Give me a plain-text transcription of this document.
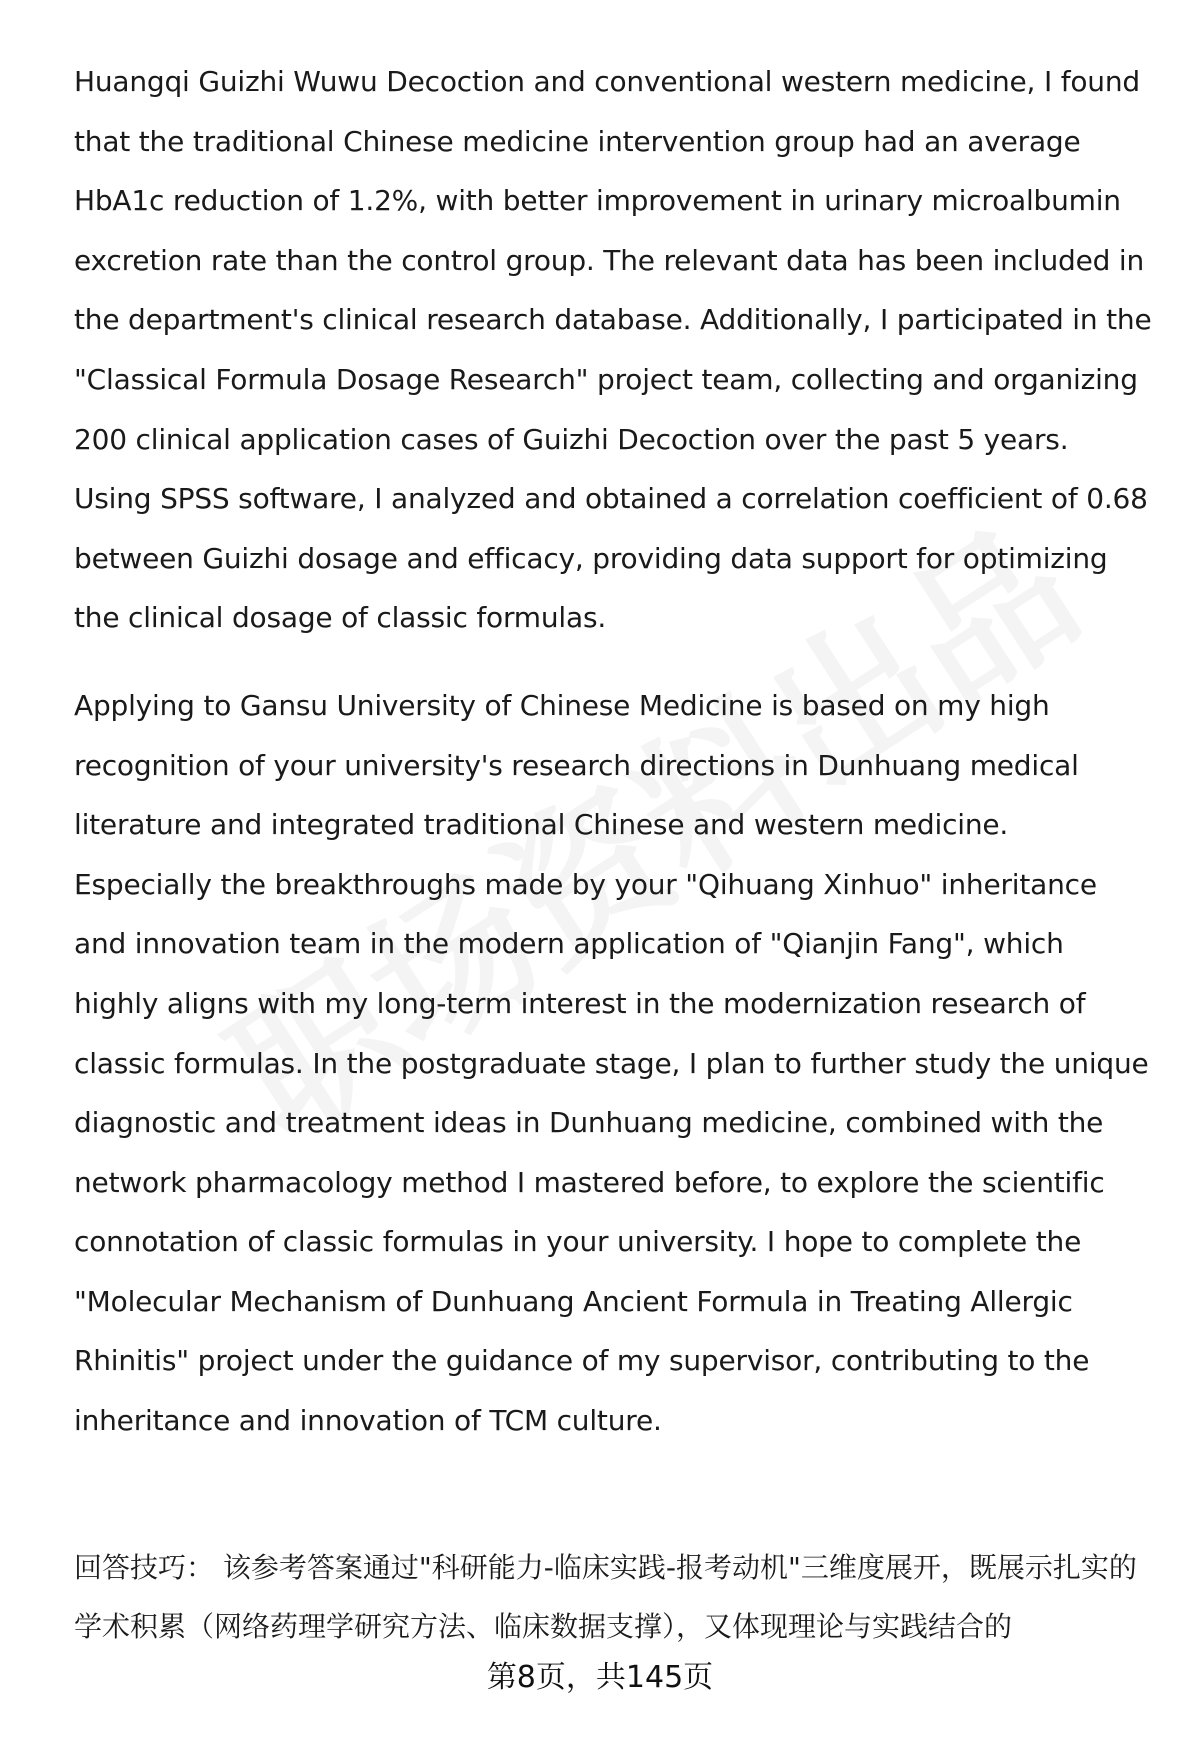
Huangqi Guizhi Wuwu Decoction and conventional western medicine, I found that the traditional Chinese medicine intervention group had an average HbA1c reduction of 1.2%, with better improvement in urinary microalbumin excretion rate than the control group. The relevant data has been included in the department's clinical research database. Additionally, I participated in the "Classical Formula Dosage Research" project team, collecting and organizing 200 clinical application cases of Guizhi Decoction over the past 5 years. Using SPSS software, I analyzed and obtained a correlation coefficient of 0.68 between Guizhi dosage and efficacy, providing data support for optimizing the clinical dosage of classic formulas.

Applying to Gansu University of Chinese Medicine is based on my high recognition of your university's research directions in Dunhuang medical literature and integrated traditional Chinese and western medicine. Especially the breakthroughs made by your "Qihuang Xinhuo" inheritance and innovation team in the modern application of "Qianjin Fang", which highly aligns with my long-term interest in the modernization research of classic formulas. In the postgraduate stage, I plan to further study the unique diagnostic and treatment ideas in Dunhuang medicine, combined with the network pharmacology method I mastered before, to explore the scientific connotation of classic formulas in your university. I hope to complete the "Molecular Mechanism of Dunhuang Ancient Formula in Treating Allergic Rhinitis" project under the guidance of my supervisor, contributing to the inheritance and innovation of TCM culture.

回答技巧： 该参考答案通过"科研能力-临床实践-报考动机"三维度展开，既展示扎实的学术积累（网络药理学研究方法、临床数据支撑），又体现理论与实践结合的

第8页，共145页
